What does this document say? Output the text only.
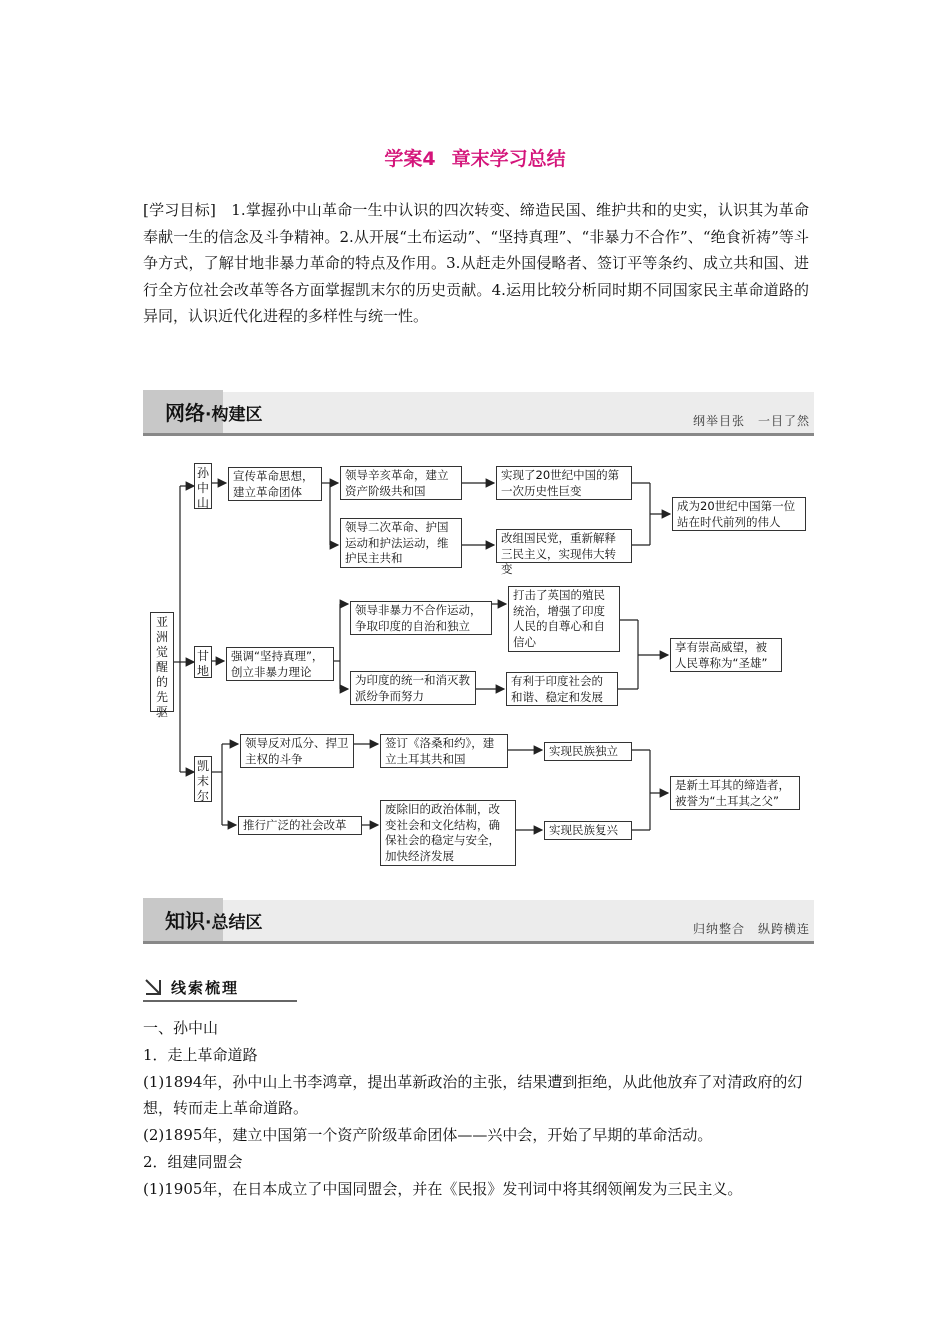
学案4 章末学习总结
[学习目标]　1.掌握孙中山革命一生中认识的四次转变、缔造民国、维护共和的史实，认识其为革命奉献一生的信念及斗争精神。2.从开展“土布运动”、“坚持真理”、“非暴力不合作”、“绝食祈祷”等斗争方式，了解甘地非暴力革命的特点及作用。3.从赶走外国侵略者、签订平等条约、成立共和国、进行全方位社会改革等各方面掌握凯末尔的历史贡献。4.运用比较分析同时期不同国家民主革命道路的异同，认识近代化进程的多样性与统一性。
网络·构建区	纲举目张　一目了然
亚
洲
觉
醒
的
先
驱
孙
中
山
甘
地
凯
末
尔
宣传革命思想，建立革命团体
领导辛亥革命，建立资产阶级共和国
领导二次革命、护国运动和护法运动，维护民主共和
实现了20世纪中国的第一次历史性巨变
改组国民党，重新解释三民主义，实现伟大转变
成为20世纪中国第一位站在时代前列的伟人
强调“坚持真理”，创立非暴力理论
领导非暴力不合作运动，争取印度的自治和独立
为印度的统一和消灭教派纷争而努力
打击了英国的殖民统治，增强了印度人民的自尊心和自信心
有利于印度社会的和谐、稳定和发展
享有崇高威望，被人民尊称为“圣雄”
领导反对瓜分、捍卫主权的斗争
签订《洛桑和约》，建立土耳其共和国
实现民族独立
推行广泛的社会改革
废除旧的政治体制，改变社会和文化结构，确保社会的稳定与安全，加快经济发展
实现民族复兴
是新土耳其的缔造者，被誉为“土耳其之父”
知识·总结区	归纳整合　纵跨横连
线索梳理
一、孙中山
1．走上革命道路
(1)1894年，孙中山上书李鸿章，提出革新政治的主张，结果遭到拒绝，从此他放弃了对清政府的幻想，转而走上革命道路。
(2)1895年，建立中国第一个资产阶级革命团体——兴中会，开始了早期的革命活动。
2．组建同盟会
(1)1905年，在日本成立了中国同盟会，并在《民报》发刊词中将其纲领阐发为三民主义。
